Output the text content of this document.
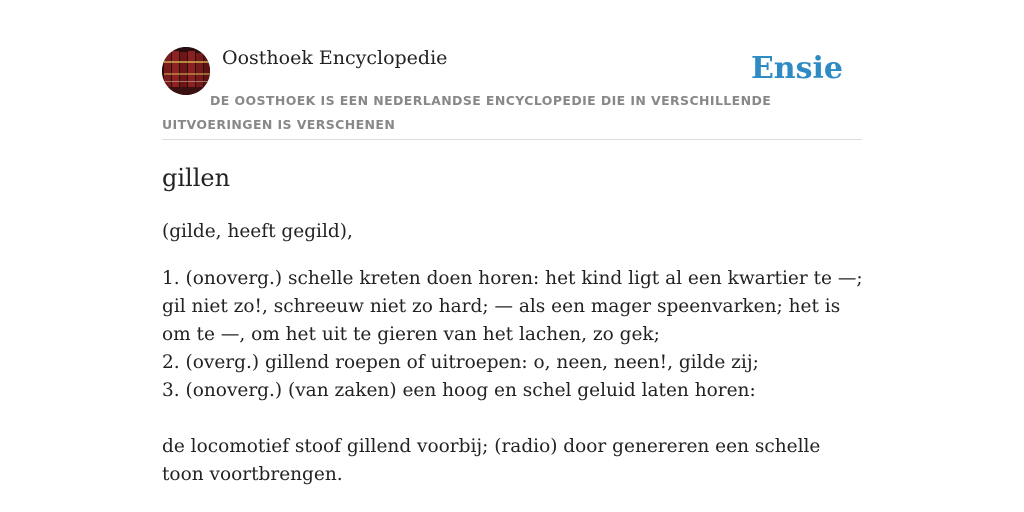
Oosthoek Encyclopedie	Ensie
DE OOSTHOEK IS EEN NEDERLANDSE ENCYCLOPEDIE DIE IN VERSCHILLENDE UITVOERINGEN IS VERSCHENEN
gillen

(gilde, heeft gegild),

1. (onoverg.) schelle kreten doen horen: het kind ligt al een kwartier te —; gil niet zo!, schreeuw niet zo hard; — als een mager speenvarken; het is om te —, om het uit te gieren van het lachen, zo gek;
2. (overg.) gillend roepen of uitroepen: o, neen, neen!, gilde zij;
3. (onoverg.) (van zaken) een hoog en schel geluid laten horen:

de locomotief stoof gillend voorbij; (radio) door genereren een schelle toon voortbrengen.
